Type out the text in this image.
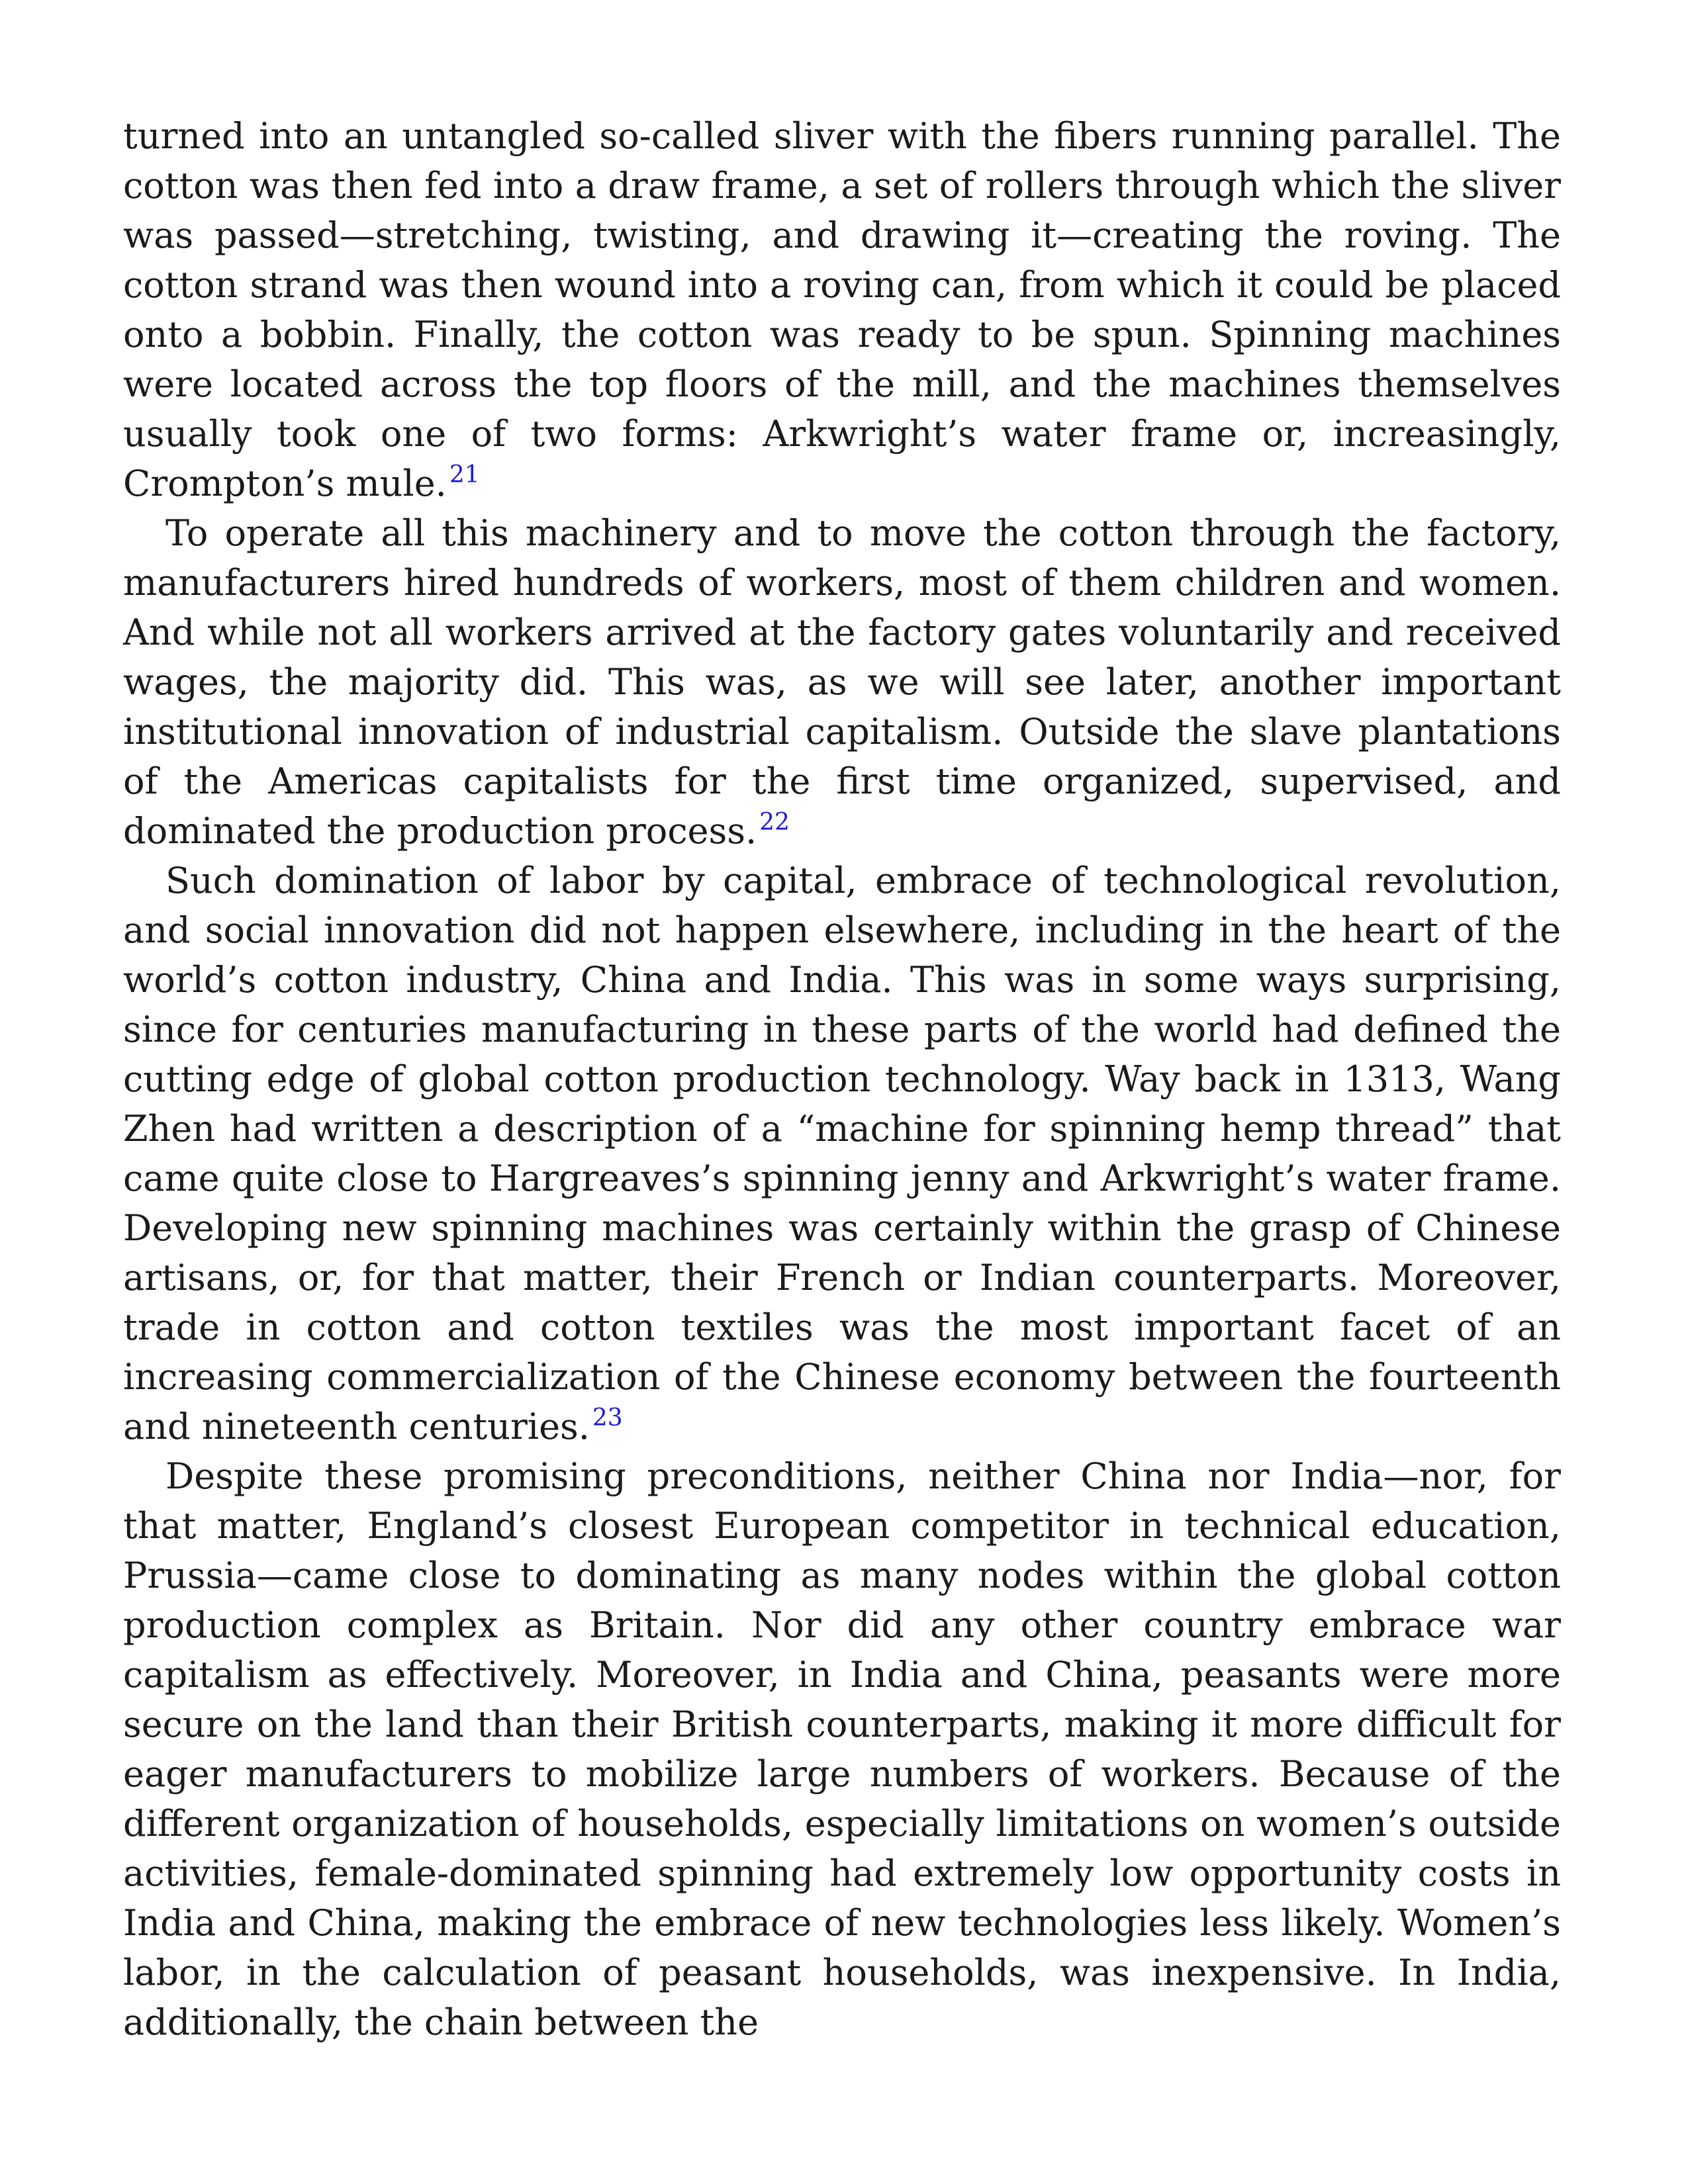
turned into an untangled so-called sliver with the fibers running parallel. The cotton was then fed into a draw frame, a set of rollers through which the sliver was passed—stretching, twisting, and drawing it—creating the roving. The cotton strand was then wound into a roving can, from which it could be placed onto a bobbin. Finally, the cotton was ready to be spun. Spinning machines were located across the top floors of the mill, and the machines themselves usually took one of two forms: Arkwright’s water frame or, increasingly, Crompton’s mule. $^{21}$

To operate all this machinery and to move the cotton through the factory, manufacturers hired hundreds of workers, most of them children and women. And while not all workers arrived at the factory gates voluntarily and received wages, the majority did. This was, as we will see later, another important institutional innovation of industrial capitalism. Outside the slave plantations of the Americas capitalists for the first time organized, supervised, and dominated the production process. $^{22}$

Such domination of labor by capital, embrace of technological revolution, and social innovation did not happen elsewhere, including in the heart of the world’s cotton industry, China and India. This was in some ways surprising, since for centuries manufacturing in these parts of the world had defined the cutting edge of global cotton production technology. Way back in 1313, Wang Zhen had written a description of a “machine for spinning hemp thread” that came quite close to Hargreaves’s spinning jenny and Arkwright’s water frame. Developing new spinning machines was certainly within the grasp of Chinese artisans, or, for that matter, their French or Indian counterparts. Moreover, trade in cotton and cotton textiles was the most important facet of an increasing commercialization of the Chinese economy between the fourteenth and nineteenth centuries. $^{23}$

Despite these promising preconditions, neither China nor India—nor, for that matter, England’s closest European competitor in technical education, Prussia—came close to dominating as many nodes within the global cotton production complex as Britain. Nor did any other country embrace war capitalism as effectively. Moreover, in India and China, peasants were more secure on the land than their British counterparts, making it more difficult for eager manufacturers to mobilize large numbers of workers. Because of the different organization of households, especially limitations on women’s outside activities, female-dominated spinning had extremely low opportunity costs in India and China, making the embrace of new technologies less likely. Women’s labor, in the calculation of peasant households, was inexpensive. In India, additionally, the chain between the
